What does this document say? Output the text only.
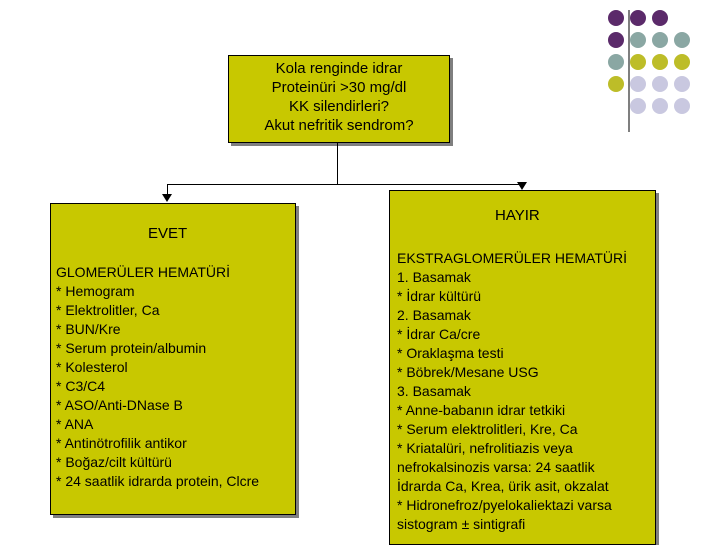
Kola renginde idrar
Proteinüri >30 mg/dl
KK silendirleri?
Akut nefritik sendrom?
EVET
GLOMERÜLER HEMATÜRİ
* Hemogram
* Elektrolitler, Ca
* BUN/Kre
* Serum protein/albumin
* Kolesterol
* C3/C4
* ASO/Anti-DNase B
* ANA
* Antinötrofilik antikor
* Boğaz/cilt kültürü
* 24 saatlik idrarda protein, Clcre
HAYIR
EKSTRAGLOMERÜLER HEMATÜRİ
1. Basamak
* İdrar kültürü
2. Basamak
* İdrar Ca/cre
* Oraklaşma testi
* Böbrek/Mesane USG
3. Basamak
* Anne-babanın idrar tetkiki
* Serum elektrolitleri, Kre, Ca
* Kriatalüri, nefrolitiazis veya
nefrokalsinozis varsa: 24 saatlik
İdrarda Ca, Krea, ürik asit, okzalat
* Hidronefroz/pyelokaliektazi varsa
sistogram ± sintigrafi
